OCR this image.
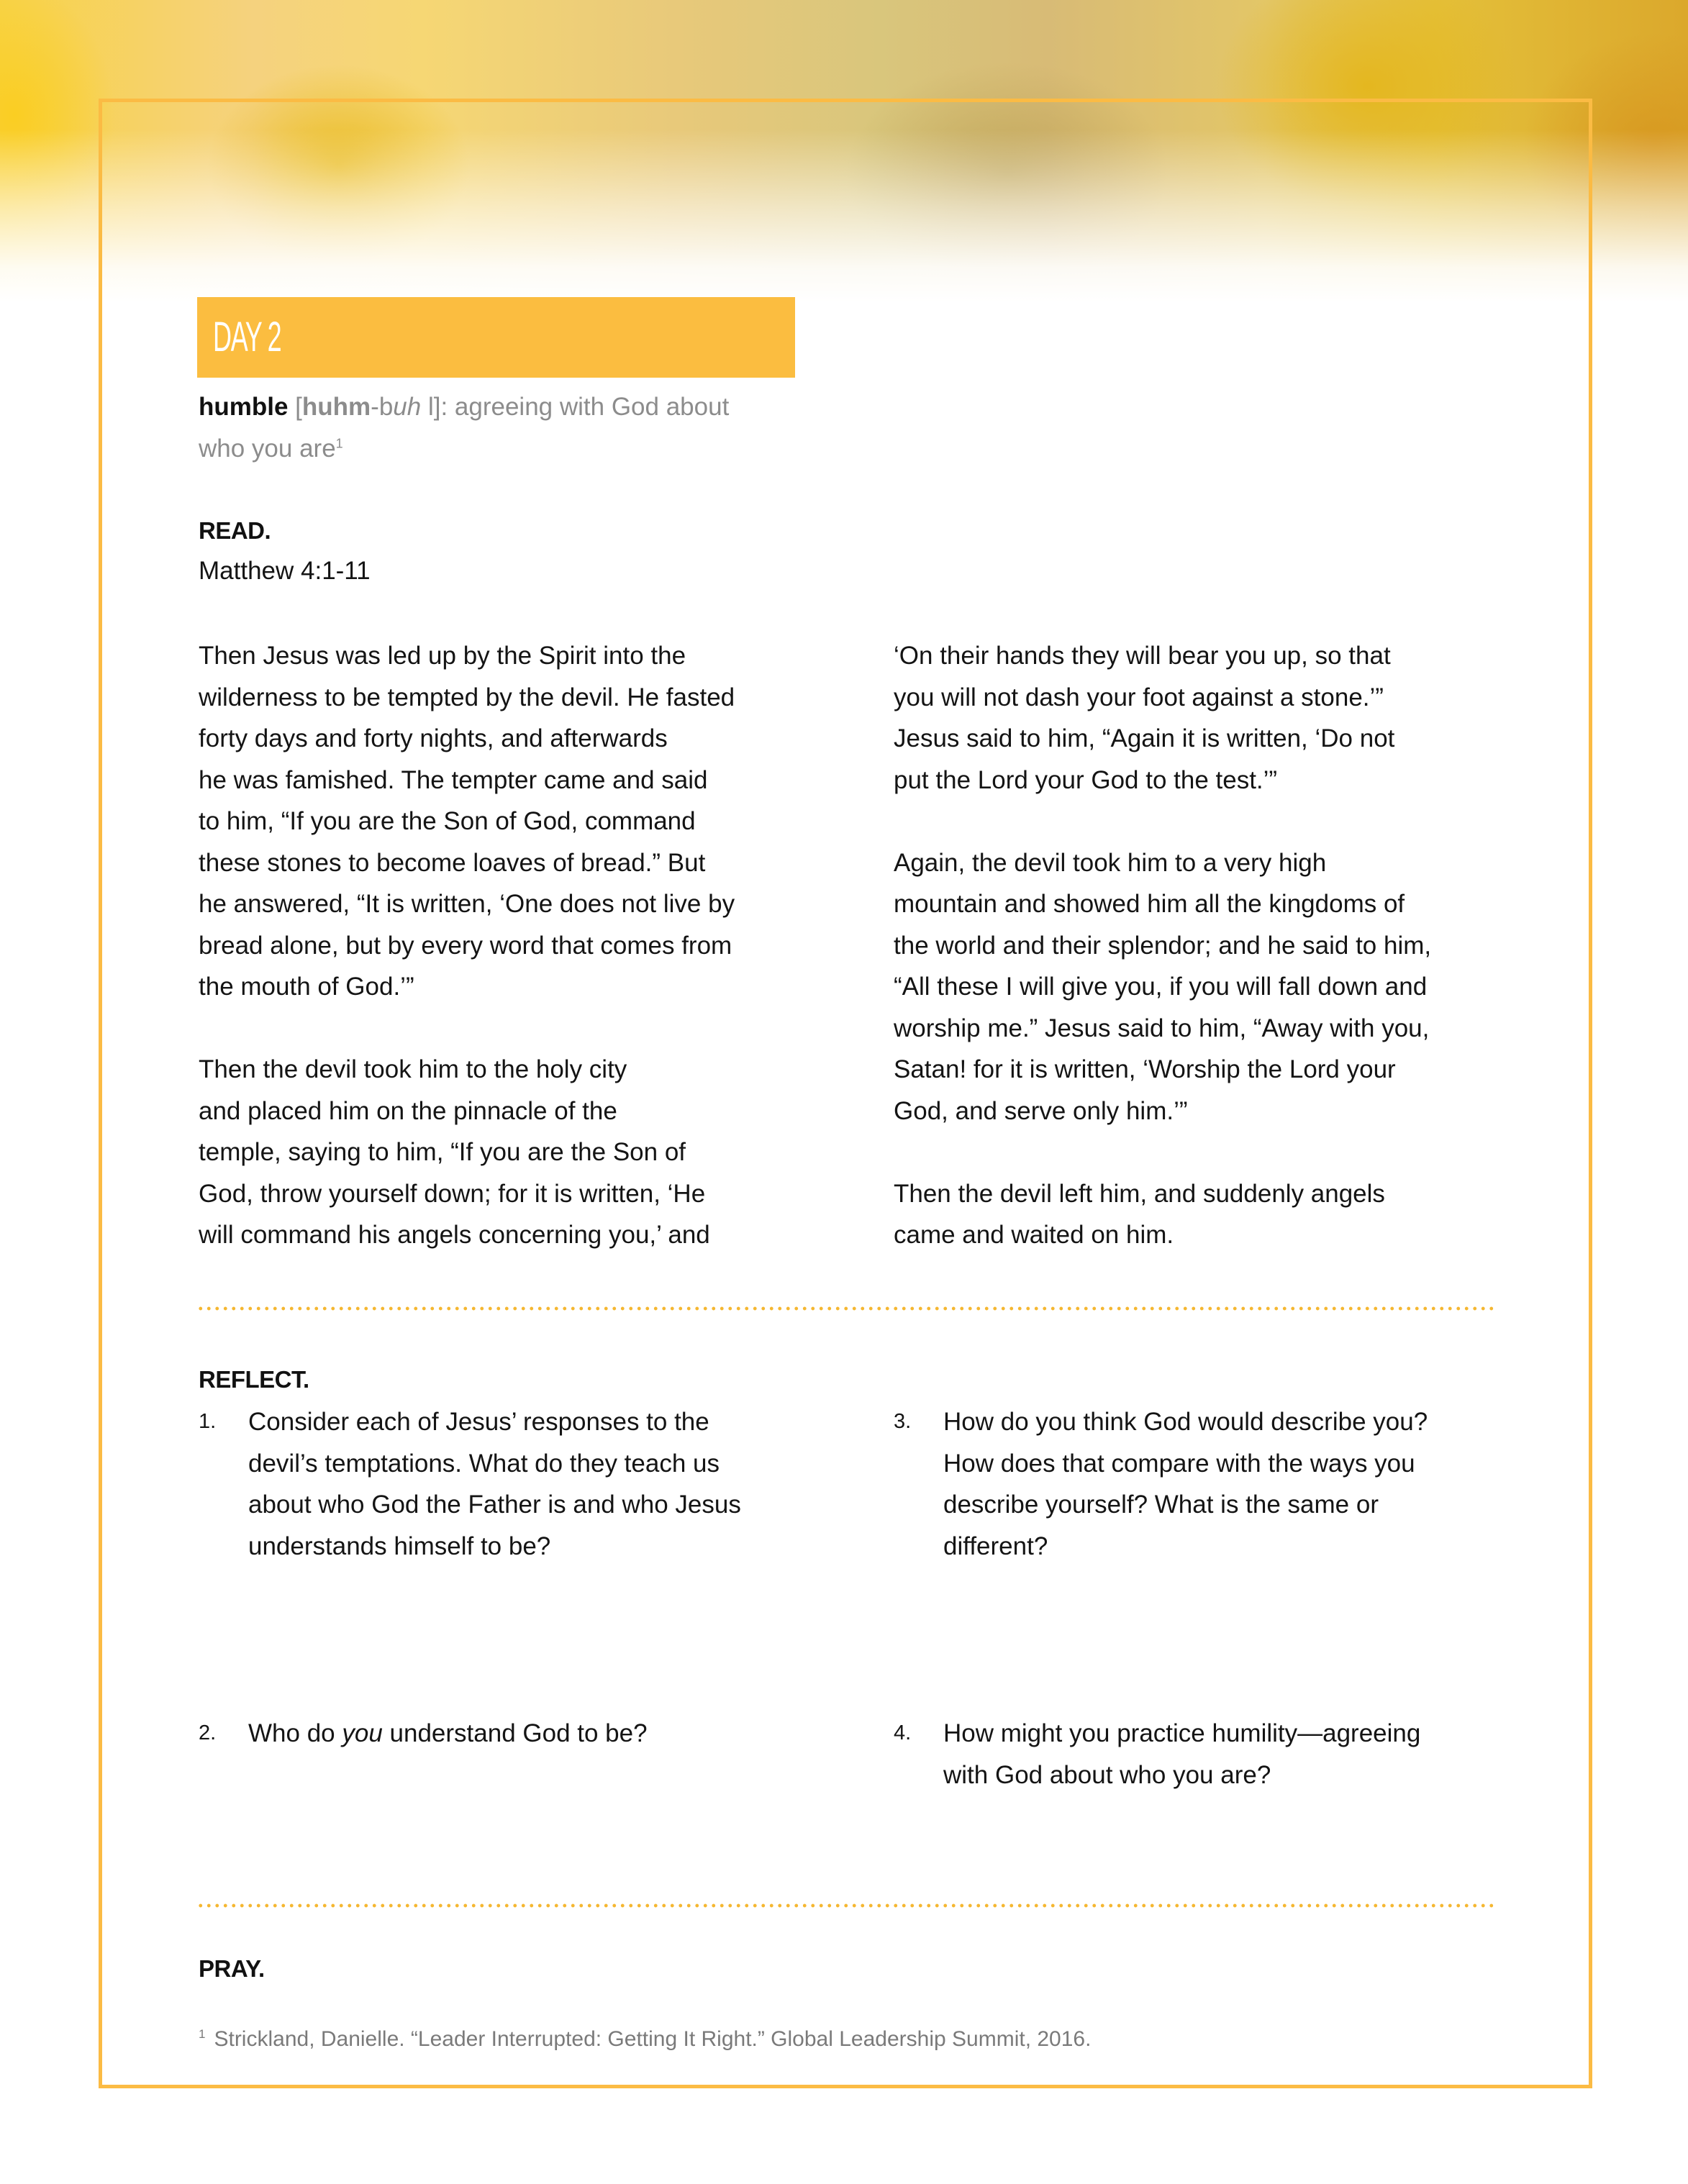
DAY 2
humble [huhm-buh l]: agreeing with God about
who you are$^1$
READ.
Matthew 4:1-11
Then Jesus was led up by the Spirit into the
wilderness to be tempted by the devil. He fasted
forty days and forty nights, and afterwards
he was famished. The tempter came and said
to him, “If you are the Son of God, command
these stones to become loaves of bread.” But
he answered, “It is written, ‘One does not live by
bread alone, but by every word that comes from
the mouth of God.’”
Then the devil took him to the holy city
and placed him on the pinnacle of the
temple, saying to him, “If you are the Son of
God, throw yourself down; for it is written, ‘He
will command his angels concerning you,’ and
‘On their hands they will bear you up, so that
you will not dash your foot against a stone.’”
Jesus said to him, “Again it is written, ‘Do not
put the Lord your God to the test.’”
Again, the devil took him to a very high
mountain and showed him all the kingdoms of
the world and their splendor; and he said to him,
“All these I will give you, if you will fall down and
worship me.” Jesus said to him, “Away with you,
Satan! for it is written, ‘Worship the Lord your
God, and serve only him.’”
Then the devil left him, and suddenly angels
came and waited on him.
REFLECT.
1. Consider each of Jesus’ responses to the
devil’s temptations. What do they teach us
about who God the Father is and who Jesus
understands himself to be?
3. How do you think God would describe you?
How does that compare with the ways you
describe yourself? What is the same or
different?
2. Who do you understand God to be?	4. How might you practice humility—agreeing
with God about who you are?
PRAY.
$^1$ Strickland, Danielle. “Leader Interrupted: Getting It Right.” Global Leadership Summit, 2016.
